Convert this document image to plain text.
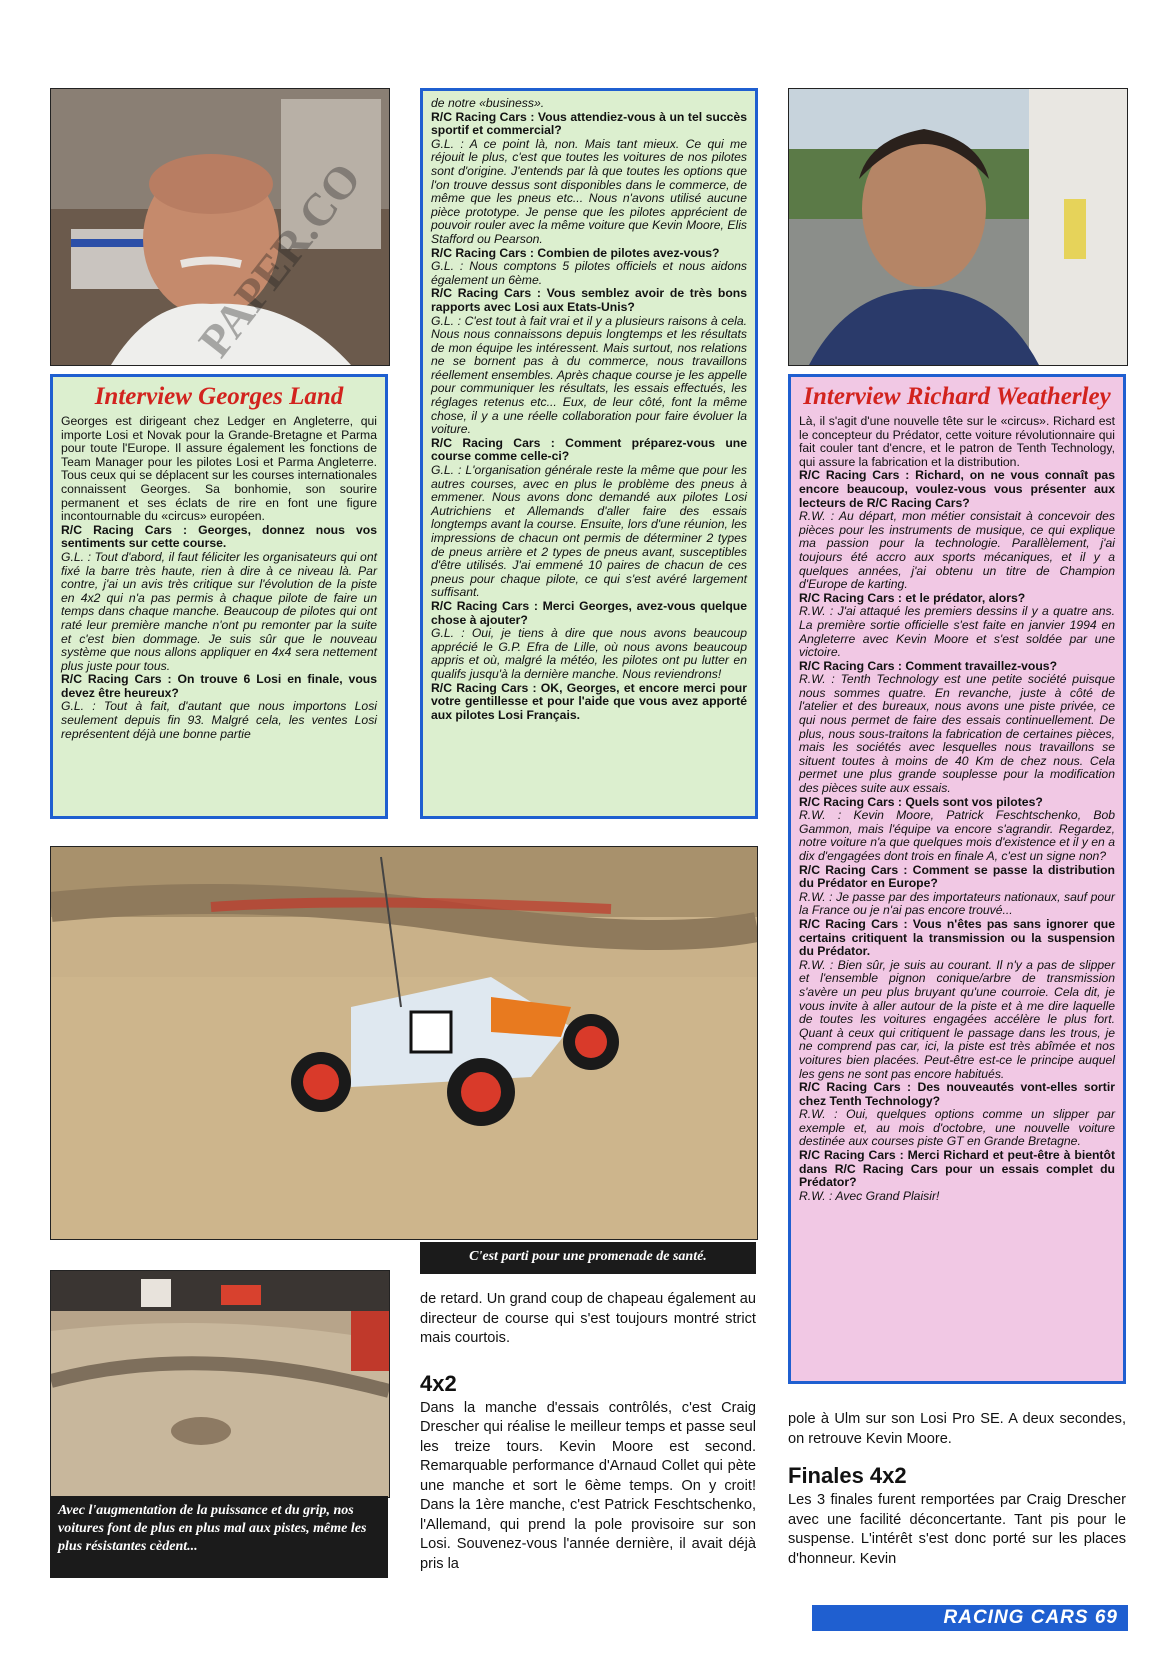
PAPER.CO
Interview Georges Land

Georges est dirigeant chez Ledger en Angleterre, qui importe Losi et Novak pour la Grande-Bretagne et Parma pour toute l'Europe. Il assure également les fonctions de Team Manager pour les pilotes Losi et Parma Angleterre. Tous ceux qui se déplacent sur les courses internationales connaissent Georges. Sa bonhomie, son sourire permanent et ses éclats de rire en font une figure incontournable du «circus» européen.

R/C Racing Cars : Georges, donnez nous vos sentiments sur cette course.

G.L. : Tout d'abord, il faut féliciter les organisateurs qui ont fixé la barre très haute, rien à dire à ce niveau là. Par contre, j'ai un avis très critique sur l'évolution de la piste en 4x2 qui n'a pas permis à chaque pilote de faire un temps dans chaque manche. Beaucoup de pilotes qui ont raté leur première manche n'ont pu remonter par la suite et c'est bien dommage. Je suis sûr que le nouveau système que nous allons appliquer en 4x4 sera nettement plus juste pour tous.

R/C Racing Cars : On trouve 6 Losi en finale, vous devez être heureux?

G.L. : Tout à fait, d'autant que nous importons Losi seulement depuis fin 93. Malgré cela, les ventes Losi représentent déjà une bonne partie

de notre «business».

R/C Racing Cars : Vous attendiez-vous à un tel succès sportif et commercial?

G.L. : A ce point là, non. Mais tant mieux. Ce qui me réjouit le plus, c'est que toutes les voitures de nos pilotes sont d'origine. J'entends par là que toutes les options que l'on trouve dessus sont disponibles dans le commerce, de même que les pneus etc... Nous n'avons utilisé aucune pièce prototype. Je pense que les pilotes apprécient de pouvoir rouler avec la même voiture que Kevin Moore, Elis Stafford ou Pearson.

R/C Racing Cars : Combien de pilotes avez-vous?

G.L. : Nous comptons 5 pilotes officiels et nous aidons également un 6ème.

R/C Racing Cars : Vous semblez avoir de très bons rapports avec Losi aux Etats-Unis?

G.L. : C'est tout à fait vrai et il y a plusieurs raisons à cela. Nous nous connaissons depuis longtemps et les résultats de mon équipe les intéressent. Mais surtout, nos relations ne se bornent pas à du commerce, nous travaillons réellement ensembles. Après chaque course je les appelle pour communiquer les résultats, les essais effectués, les réglages retenus etc... Eux, de leur côté, font la même chose, il y a une réelle collaboration pour faire évoluer la voiture.

R/C Racing Cars : Comment préparez-vous une course comme celle-ci?

G.L. : L'organisation générale reste la même que pour les autres courses, avec en plus le problème des pneus à emmener. Nous avons donc demandé aux pilotes Losi Autrichiens et Allemands d'aller faire des essais longtemps avant la course. Ensuite, lors d'une réunion, les impressions de chacun ont permis de déterminer 2 types de pneus arrière et 2 types de pneus avant, susceptibles d'être utilisés. J'ai emmené 10 paires de chacun de ces pneus pour chaque pilote, ce qui s'est avéré largement suffisant.

R/C Racing Cars : Merci Georges, avez-vous quelque chose à ajouter?

G.L. : Oui, je tiens à dire que nous avons beaucoup apprécié le G.P. Efra de Lille, où nous avons beaucoup appris et où, malgré la météo, les pilotes ont pu lutter en qualifs jusqu'à la dernière manche. Nous reviendrons!

R/C Racing Cars : OK, Georges, et encore merci pour votre gentillesse et pour l'aide que vous avez apporté aux pilotes Losi Français.

Interview Richard Weatherley

Là, il s'agit d'une nouvelle tête sur le «circus». Richard est le concepteur du Prédator, cette voiture révolutionnaire qui fait couler tant d'encre, et le patron de Tenth Technology, qui assure la fabrication et la distribution.

R/C Racing Cars : Richard, on ne vous connaît pas encore beaucoup, voulez-vous vous présenter aux lecteurs de R/C Racing Cars?

R.W. : Au départ, mon métier consistait à concevoir des pièces pour les instruments de musique, ce qui explique ma passion pour la technologie. Parallèlement, j'ai toujours été accro aux sports mécaniques, et il y a quelques années, j'ai obtenu un titre de Champion d'Europe de karting.

R/C Racing Cars : et le prédator, alors?

R.W. : J'ai attaqué les premiers dessins il y a quatre ans. La première sortie officielle s'est faite en janvier 1994 en Angleterre avec Kevin Moore et s'est soldée par une victoire.

R/C Racing Cars : Comment travaillez-vous?

R.W. : Tenth Technology est une petite société puisque nous sommes quatre. En revanche, juste à côté de l'atelier et des bureaux, nous avons une piste privée, ce qui nous permet de faire des essais continuellement. De plus, nous sous-traitons la fabrication de certaines pièces, mais les sociétés avec lesquelles nous travaillons se situent toutes à moins de 40 Km de chez nous. Cela permet une plus grande souplesse pour la modification des pièces suite aux essais.

R/C Racing Cars : Quels sont vos pilotes?

R.W. : Kevin Moore, Patrick Feschtschenko, Bob Gammon, mais l'équipe va encore s'agrandir. Regardez, notre voiture n'a que quelques mois d'existence et il y en a dix d'engagées dont trois en finale A, c'est un signe non?

R/C Racing Cars : Comment se passe la distribution du Prédator en Europe?

R.W. : Je passe par des importateurs nationaux, sauf pour la France ou je n'ai pas encore trouvé...

R/C Racing Cars : Vous n'êtes pas sans ignorer que certains critiquent la transmission ou la suspension du Prédator.

R.W. : Bien sûr, je suis au courant. Il n'y a pas de slipper et l'ensemble pignon conique/arbre de transmission s'avère un peu plus bruyant qu'une courroie. Cela dit, je vous invite à aller autour de la piste et à me dire laquelle de toutes les voitures engagées accélère le plus fort. Quant à ceux qui critiquent le passage dans les trous, je ne comprend pas car, ici, la piste est très abîmée et nos voitures bien placées. Peut-être est-ce le principe auquel les gens ne sont pas encore habitués.

R/C Racing Cars : Des nouveautés vont-elles sortir chez Tenth Technology?

R.W. : Oui, quelques options comme un slipper par exemple et, au mois d'octobre, une nouvelle voiture destinée aux courses piste GT en Grande Bretagne.

R/C Racing Cars : Merci Richard et peut-être à bientôt dans R/C Racing Cars pour un essais complet du Prédator?

R.W. : Avec Grand Plaisir!

C'est parti pour une promenade de santé.
Avec l'augmentation de la puissance et du grip, nos voitures font de plus en plus mal aux pistes, même les plus résistantes cèdent...

de retard. Un grand coup de chapeau également au directeur de course qui s'est toujours montré strict mais courtois.

4x2

Dans la manche d'essais contrôlés, c'est Craig Drescher qui réalise le meilleur temps et passe seul les treize tours. Kevin Moore est second. Remarquable performance d'Arnaud Collet qui pète une manche et sort le 6ème temps. On y croit! Dans la 1ère manche, c'est Patrick Feschtschenko, l'Allemand, qui prend la pole provisoire sur son Losi. Souvenez-vous l'année dernière, il avait déjà pris la

pole à Ulm sur son Losi Pro SE. A deux secondes, on retrouve Kevin Moore.

Finales 4x2

Les 3 finales furent remportées par Craig Drescher avec une facilité déconcertante. Tant pis pour le suspense. L'intérêt s'est donc porté sur les places d'honneur. Kevin

RACING CARS 69
